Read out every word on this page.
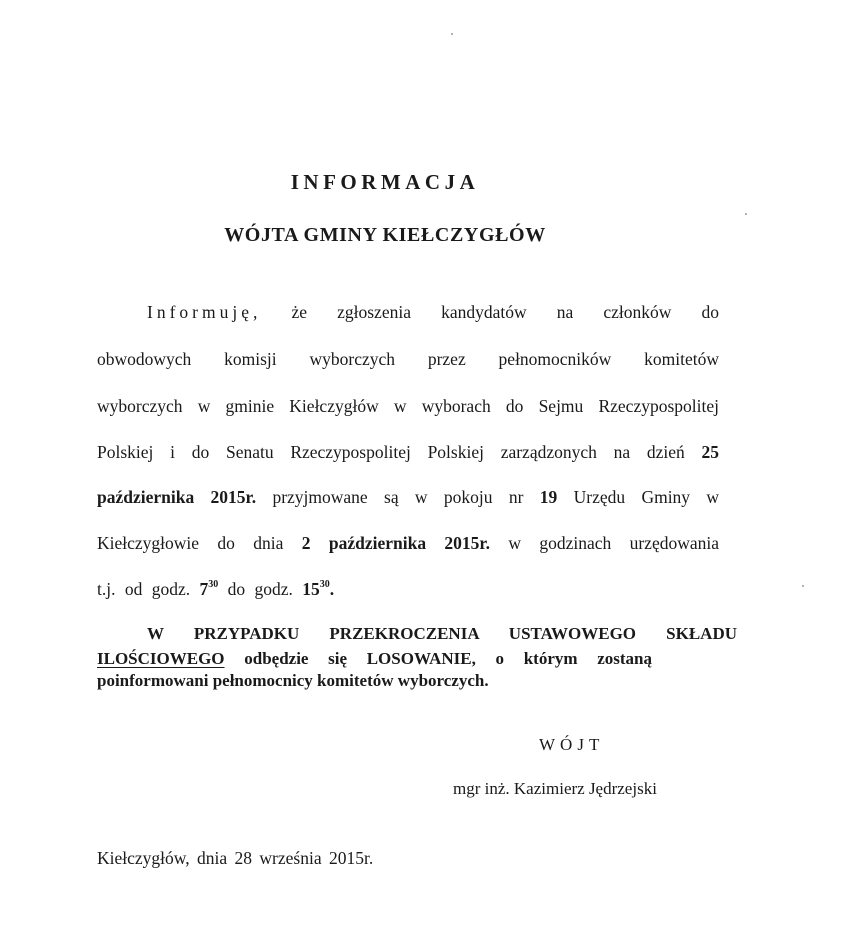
INFORMACJA
WÓJTA GMINY KIEŁCZYGŁÓW
Informuję, że zgłoszenia kandydatów na członków do
obwodowych komisji wyborczych przez pełnomocników komitetów
wyborczych w gminie Kiełczygłów w wyborach do Sejmu Rzeczypospolitej
Polskiej i do Senatu Rzeczypospolitej Polskiej zarządzonych na dzień 25
października 2015r. przyjmowane są w pokoju nr 19 Urzędu Gminy w
Kiełczygłowie do dnia 2 października 2015r. w godzinach urzędowania
t.j. od godz. $7^{30}$ do godz. $15^{30}$.
W PRZYPADKU PRZEKROCZENIA USTAWOWEGO SKŁADU
ILOŚCIOWEGO odbędzie się LOSOWANIE, o którym zostaną
poinformowani pełnomocnicy komitetów wyborczych.
WÓJT
mgr inż. Kazimierz Jędrzejski
Kiełczygłów, dnia 28 września 2015r.
